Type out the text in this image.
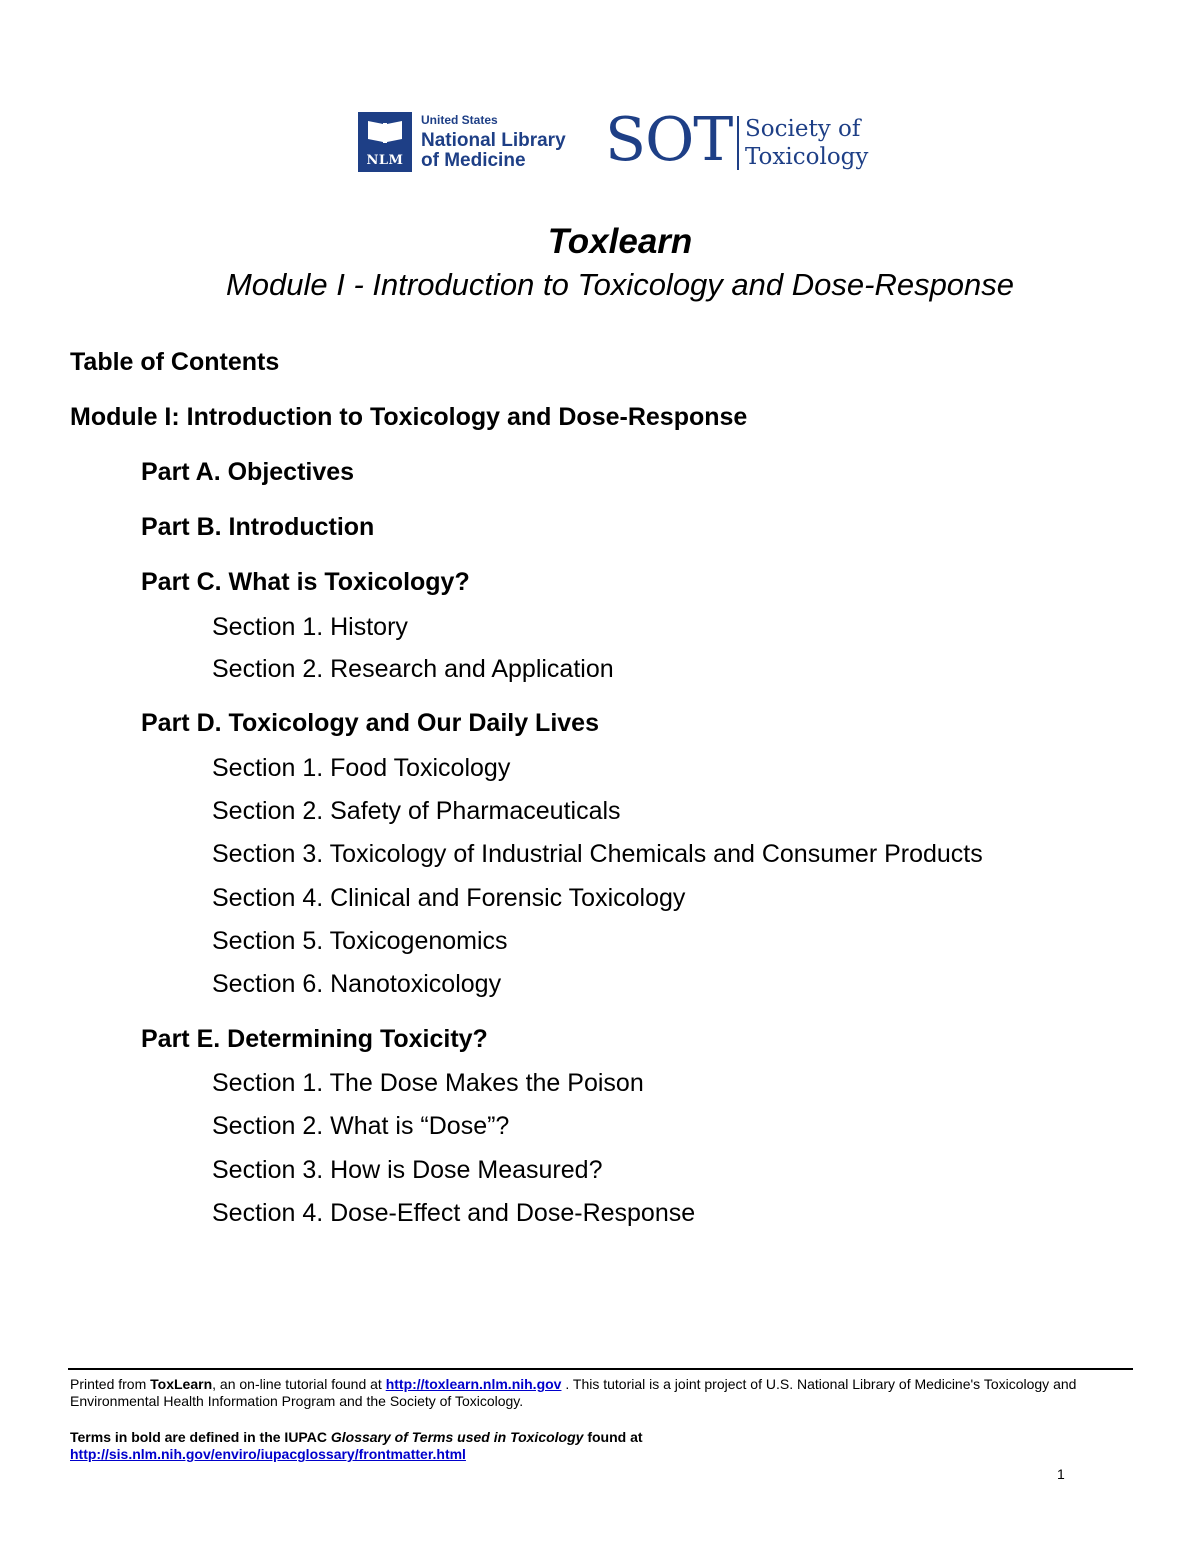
NLM
United States
National Library
of Medicine SOT Society of
Toxicology
Toxlearn
Module I - Introduction to Toxicology and Dose-Response
Table of Contents
Module I: Introduction to Toxicology and Dose-Response
Part A. Objectives
Part B. Introduction
Part C. What is Toxicology?
Section 1. History
Section 2. Research and Application
Part D. Toxicology and Our Daily Lives
Section 1. Food Toxicology
Section 2. Safety of Pharmaceuticals
Section 3. Toxicology of Industrial Chemicals and Consumer Products
Section 4. Clinical and Forensic Toxicology
Section 5. Toxicogenomics
Section 6. Nanotoxicology
Part E. Determining Toxicity?
Section 1. The Dose Makes the Poison
Section 2. What is “Dose”?
Section 3. How is Dose Measured?
Section 4. Dose-Effect and Dose-Response
Printed from ToxLearn, an on-line tutorial found at http://toxlearn.nlm.nih.gov . This tutorial is a joint project of U.S. National Library of Medicine's Toxicology and Environmental Health Information Program and the Society of Toxicology.
Terms in bold are defined in the IUPAC Glossary of Terms used in Toxicology found at
http://sis.nlm.nih.gov/enviro/iupacglossary/frontmatter.html
1
